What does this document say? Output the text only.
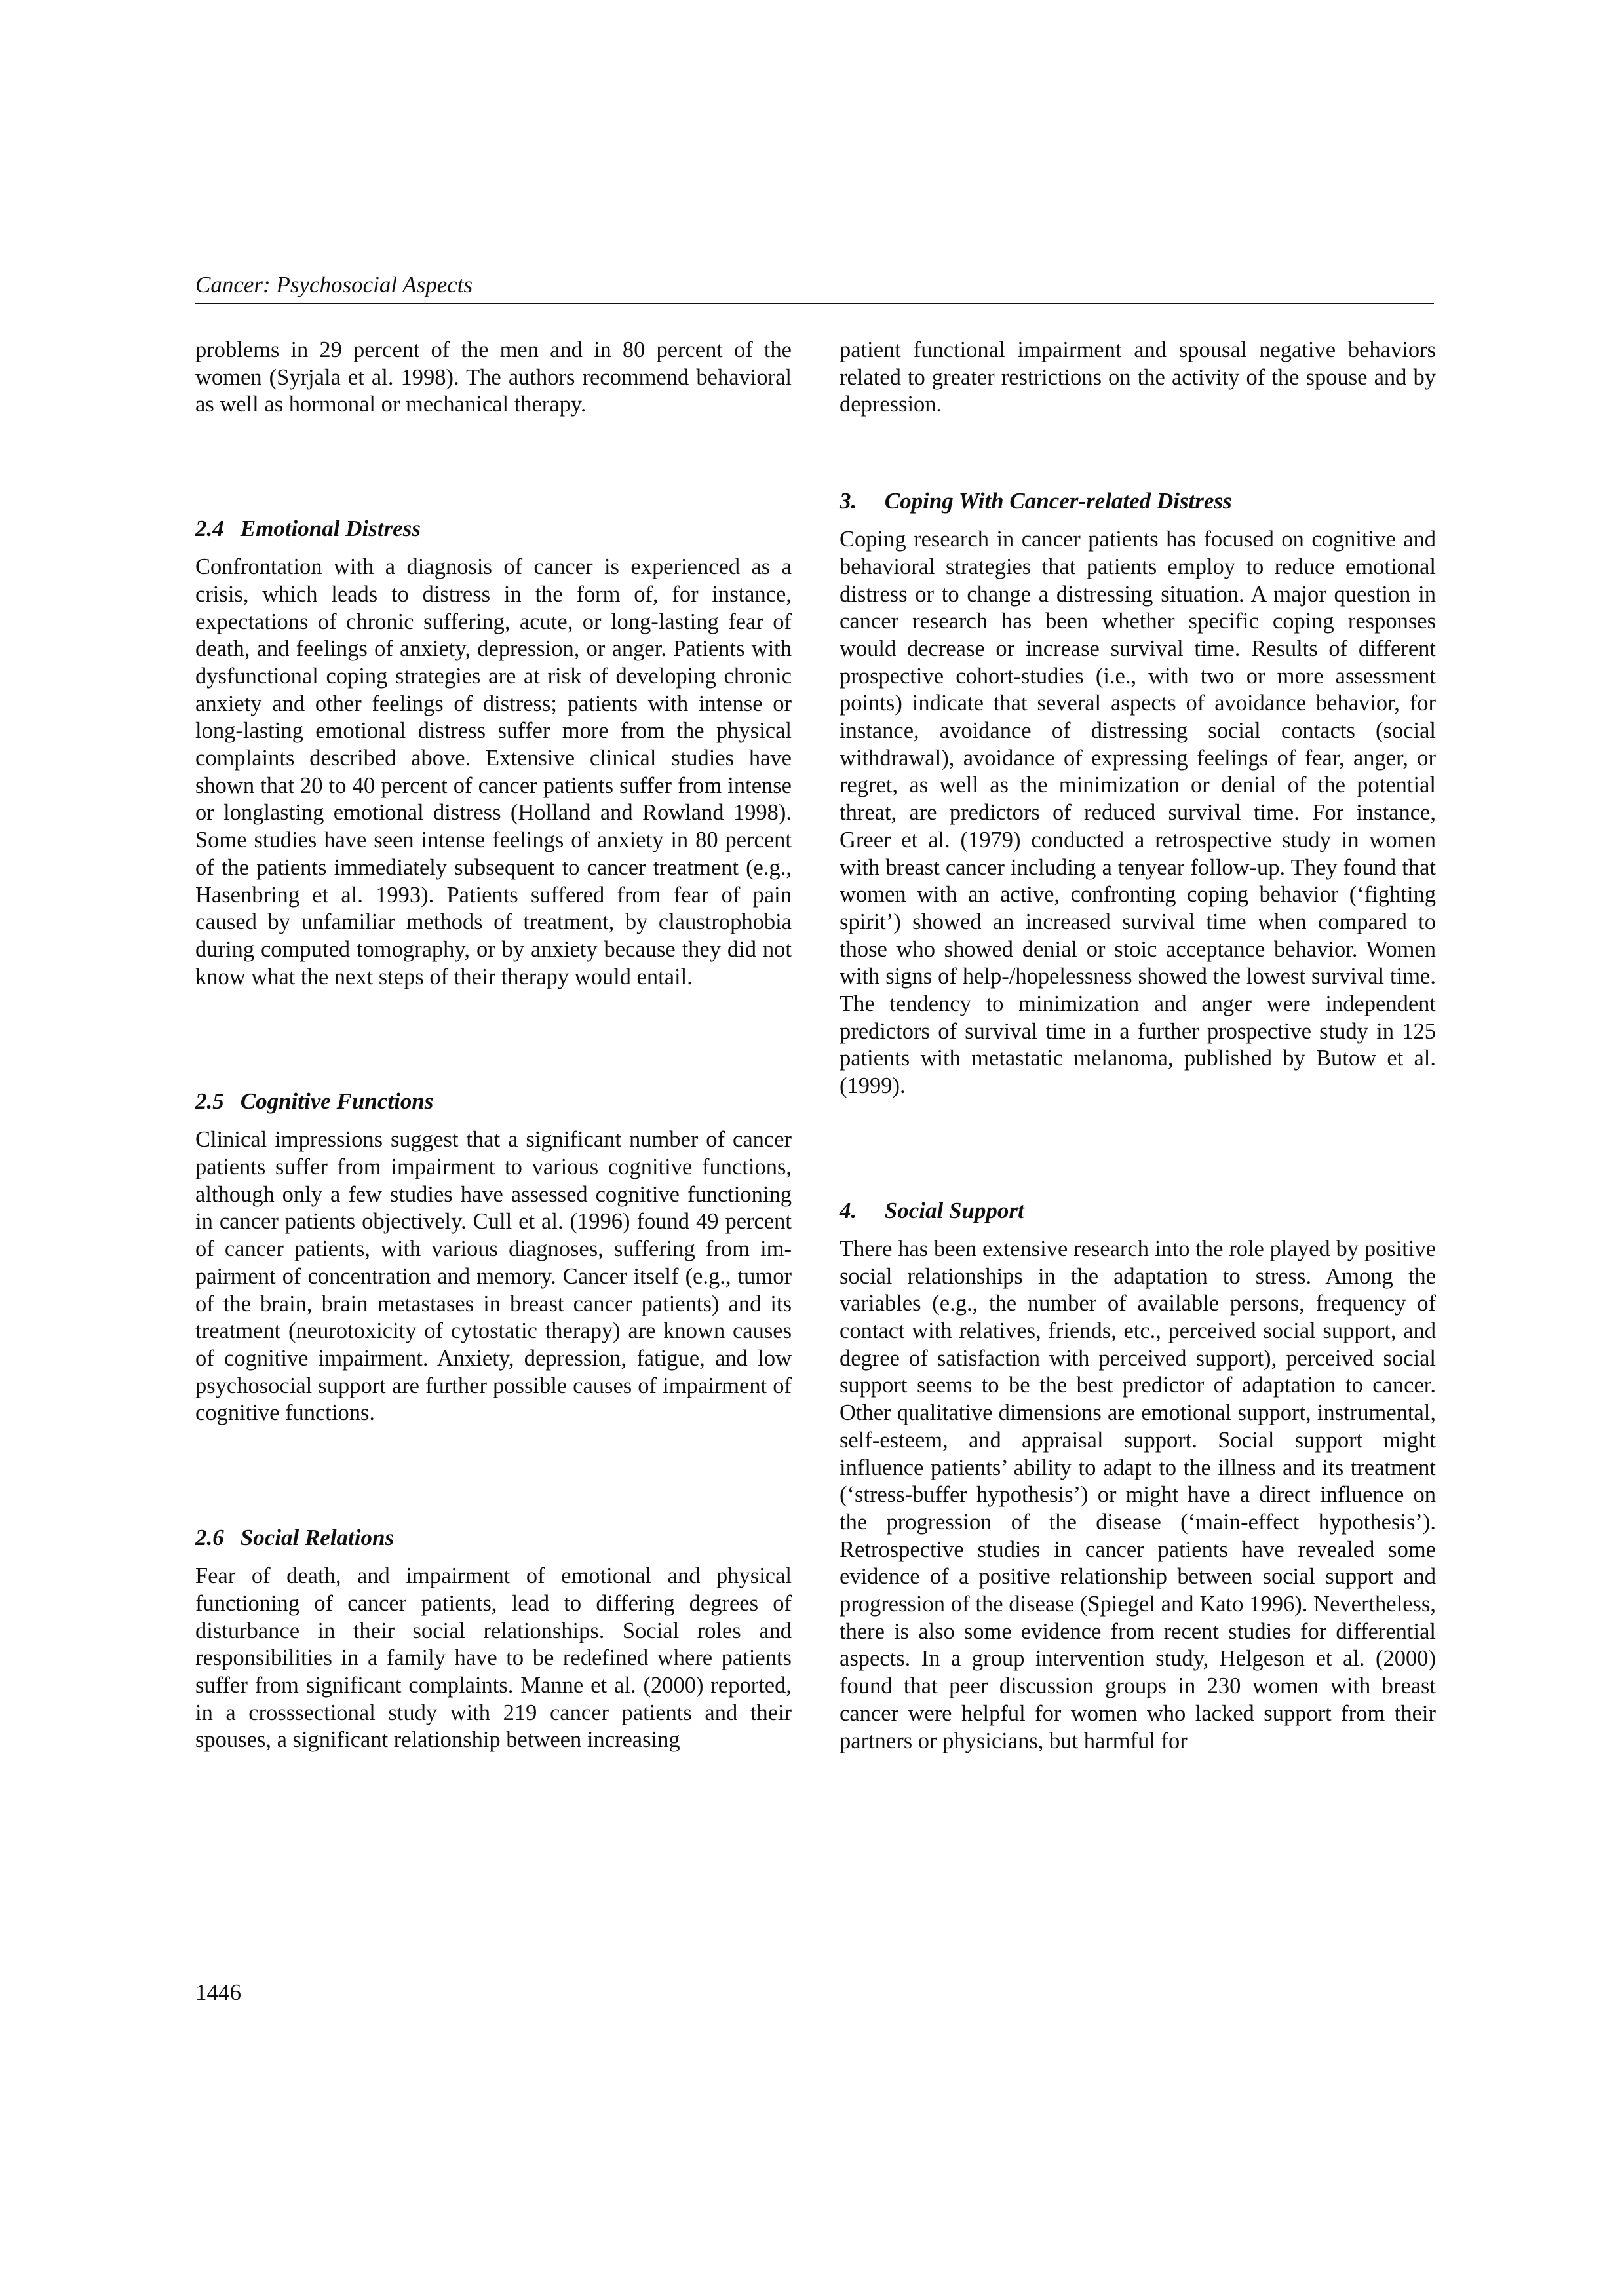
Cancer: Psychosocial Aspects

problems in 29 percent of the men and in 80 percent of the women (Syrjala et al. 1998). The authors recommend behavioral as well as hormonal or mechanical therapy.

2.4 Emotional Distress

Confrontation with a diagnosis of cancer is experienced as a crisis, which leads to distress in the form of, for instance, expectations of chronic suffering, acute, or long-lasting fear of death, and feelings of anxiety, depression, or anger. Patients with dysfunctional coping strategies are at risk of developing chronic anxiety and other feelings of distress; patients with intense or long-lasting emotional distress suffer more from the physical complaints described above. Extensive clinical studies have shown that 20 to 40 percent of cancer patients suffer from intense or longlasting emotional distress (Holland and Rowland 1998). Some studies have seen intense feelings of anxiety in 80 percent of the patients immediately subsequent to cancer treatment (e.g., Hasenbring et al. 1993). Patients suffered from fear of pain caused by unfamiliar methods of treatment, by claustrophobia during computed tomography, or by anxiety because they did not know what the next steps of their therapy would entail.

2.5 Cognitive Functions

Clinical impressions suggest that a significant number of cancer patients suffer from impairment to various cognitive functions, although only a few studies have assessed cognitive functioning in cancer patients objectively. Cull et al. (1996) found 49 percent of cancer patients, with various diagnoses, suffering from impairment of concentration and memory. Cancer itself (e.g., tumor of the brain, brain metastases in breast cancer patients) and its treatment (neurotoxicity of cytostatic therapy) are known causes of cognitive impairment. Anxiety, depression, fatigue, and low psychosocial support are further possible causes of impairment of cognitive functions.

2.6 Social Relations

Fear of death, and impairment of emotional and physical functioning of cancer patients, lead to differing degrees of disturbance in their social relationships. Social roles and responsibilities in a family have to be redefined where patients suffer from significant complaints. Manne et al. (2000) reported, in a crosssectional study with 219 cancer patients and their spouses, a significant relationship between increasing

patient functional impairment and spousal negative behaviors related to greater restrictions on the activity of the spouse and by depression.

3. Coping With Cancer-related Distress

Coping research in cancer patients has focused on cognitive and behavioral strategies that patients employ to reduce emotional distress or to change a distressing situation. A major question in cancer research has been whether specific coping responses would decrease or increase survival time. Results of different prospective cohort-studies (i.e., with two or more assessment points) indicate that several aspects of avoidance behavior, for instance, avoidance of distressing social contacts (social withdrawal), avoidance of expressing feelings of fear, anger, or regret, as well as the minimization or denial of the potential threat, are predictors of reduced survival time. For instance, Greer et al. (1979) conducted a retrospective study in women with breast cancer including a tenyear follow-up. They found that women with an active, confronting coping behavior (‘fighting spirit’) showed an increased survival time when compared to those who showed denial or stoic acceptance behavior. Women with signs of help-/hopelessness showed the lowest survival time. The tendency to minimization and anger were independent predictors of survival time in a further prospective study in 125 patients with metastatic melanoma, published by Butow et al. (1999).

4. Social Support

There has been extensive research into the role played by positive social relationships in the adaptation to stress. Among the variables (e.g., the number of available persons, frequency of contact with relatives, friends, etc., perceived social support, and degree of satisfaction with perceived support), perceived social support seems to be the best predictor of adaptation to cancer. Other qualitative dimensions are emotional support, instrumental, self-esteem, and appraisal support. Social support might influence patients’ ability to adapt to the illness and its treatment (‘stress-buffer hypothesis’) or might have a direct influence on the progression of the disease (‘main-effect hypothesis’). Retrospective studies in cancer patients have revealed some evidence of a positive relationship between social support and progression of the disease (Spiegel and Kato 1996). Nevertheless, there is also some evidence from recent studies for differential aspects. In a group intervention study, Helgeson et al. (2000) found that peer discussion groups in 230 women with breast cancer were helpful for women who lacked support from their partners or physicians, but harmful for

1446
